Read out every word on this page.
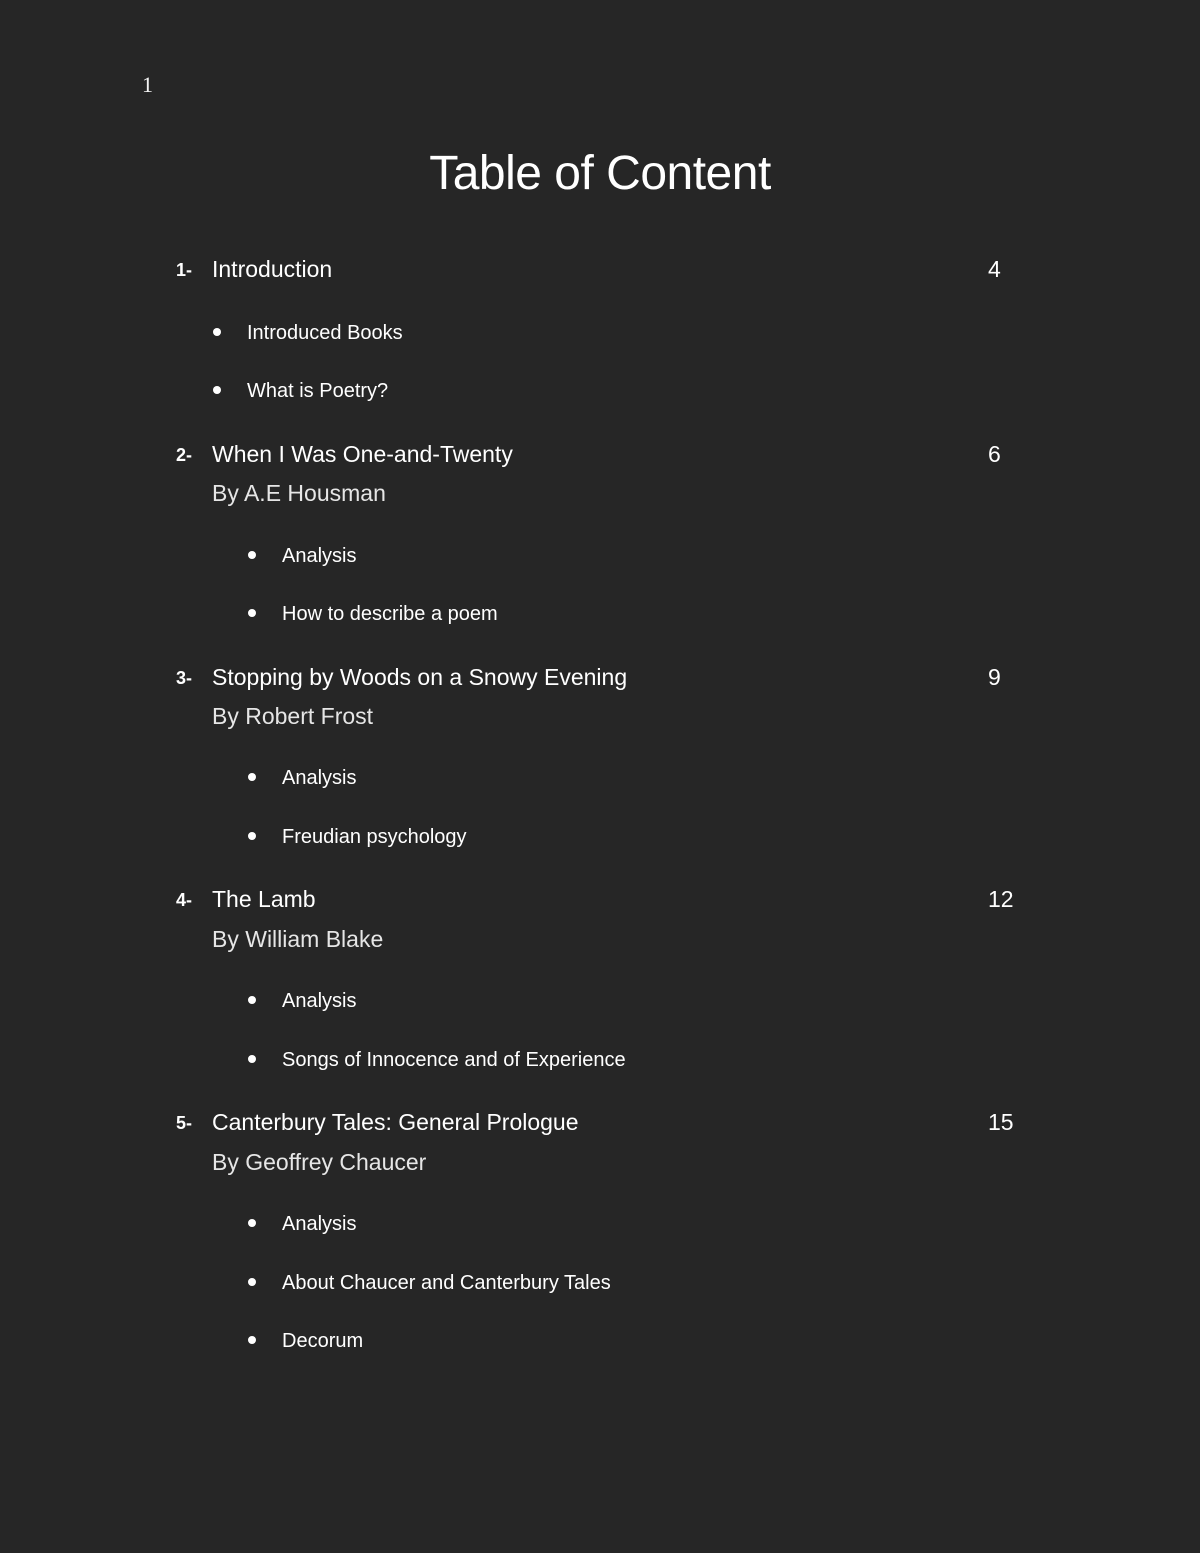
1
Table of Content
1- Introduction	4
Introduced Books
What is Poetry?
2- When I Was One-and-Twenty	6
By A.E Housman
Analysis
How to describe a poem
3- Stopping by Woods on a Snowy Evening	9
By Robert Frost
Analysis
Freudian psychology
4- The Lamb	12
By William Blake
Analysis
Songs of Innocence and of Experience
5- Canterbury Tales: General Prologue	15
By Geoffrey Chaucer
Analysis
About Chaucer and Canterbury Tales
Decorum
